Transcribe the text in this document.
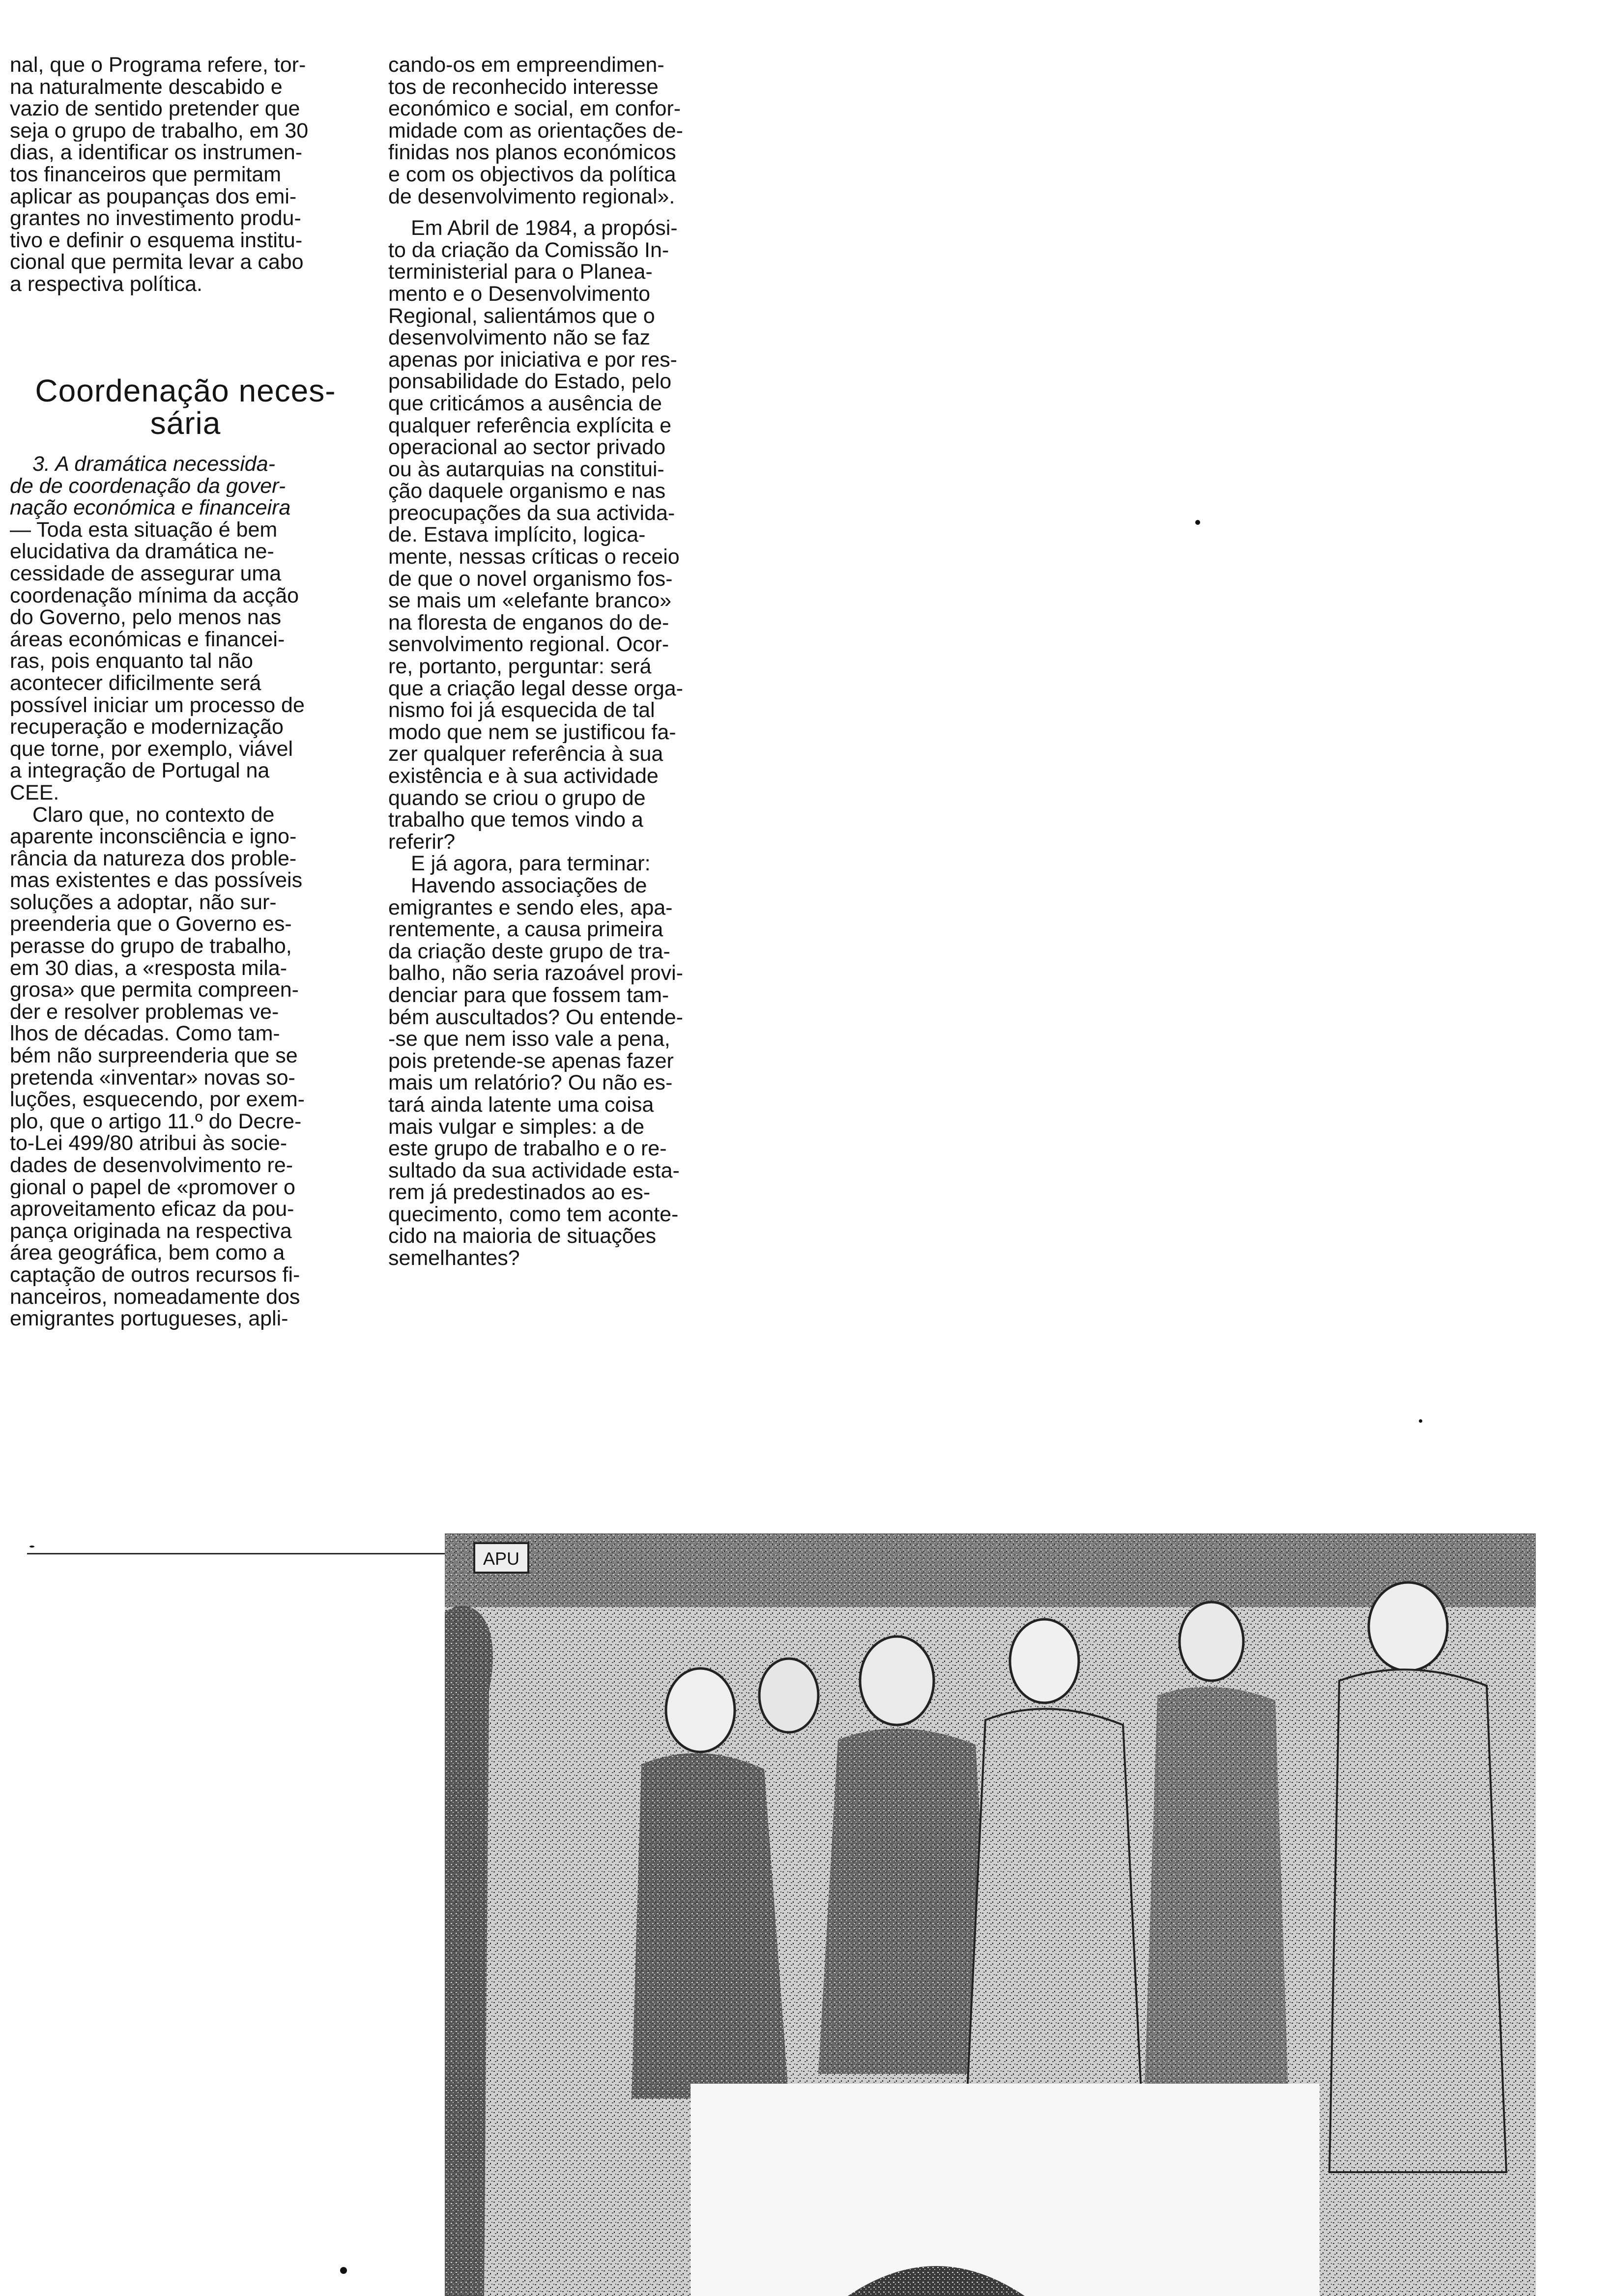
nal, que o Programa refere, tor-
na naturalmente descabido e
vazio de sentido pretender que
seja o grupo de trabalho, em 30
dias, a identificar os instrumen-
tos financeiros que permitam
aplicar as poupanças dos emi-
grantes no investimento produ-
tivo e definir o esquema institu-
cional que permita levar a cabo
a respectiva política.

Coordenação neces-
sária

3. A dramática necessida-
de de coordenação da gover-
nação económica e financeira

— Toda esta situação é bem
elucidativa da dramática ne-
cessidade de assegurar uma
coordenação mínima da acção
do Governo, pelo menos nas
áreas económicas e financei-
ras, pois enquanto tal não
acontecer dificilmente será
possível iniciar um processo de
recuperação e modernização
que torne, por exemplo, viável
a integração de Portugal na
CEE.

Claro que, no contexto de
aparente inconsciência e igno-
rância da natureza dos proble-
mas existentes e das possíveis
soluções a adoptar, não sur-
preenderia que o Governo es-
perasse do grupo de trabalho,
em 30 dias, a «resposta mila-
grosa» que permita compreen-
der e resolver problemas ve-
lhos de décadas. Como tam-
bém não surpreenderia que se
pretenda «inventar» novas so-
luções, esquecendo, por exem-
plo, que o artigo 11.º do Decre-
to-Lei 499/80 atribui às socie-
dades de desenvolvimento re-
gional o papel de «promover o
aproveitamento eficaz da pou-
pança originada na respectiva
área geográfica, bem como a
captação de outros recursos fi-
nanceiros, nomeadamente dos
emigrantes portugueses, apli-

cando-os em empreendimen-
tos de reconhecido interesse
económico e social, em confor-
midade com as orientações de-
finidas nos planos económicos
e com os objectivos da política
de desenvolvimento regional».

Em Abril de 1984, a propósi-
to da criação da Comissão In-
terministerial para o Planea-
mento e o Desenvolvimento
Regional, salientámos que o
desenvolvimento não se faz
apenas por iniciativa e por res-
ponsabilidade do Estado, pelo
que criticámos a ausência de
qualquer referência explícita e
operacional ao sector privado
ou às autarquias na constitui-
ção daquele organismo e nas
preocupações da sua activida-
de. Estava implícito, logica-
mente, nessas críticas o receio
de que o novel organismo fos-
se mais um «elefante branco»
na floresta de enganos do de-
senvolvimento regional. Ocor-
re, portanto, perguntar: será
que a criação legal desse orga-
nismo foi já esquecida de tal
modo que nem se justificou fa-
zer qualquer referência à sua
existência e à sua actividade
quando se criou o grupo de
trabalho que temos vindo a
referir?

E já agora, para terminar:

Havendo associações de
emigrantes e sendo eles, apa-
rentemente, a causa primeira
da criação deste grupo de tra-
balho, não seria razoável provi-
denciar para que fossem tam-
bém auscultados? Ou entende-
-se que nem isso vale a pena,
pois pretende-se apenas fazer
mais um relatório? Ou não es-
tará ainda latente uma coisa
mais vulgar e simples: a de
este grupo de trabalho e o re-
sultado da sua actividade esta-
rem já predestinados ao es-
quecimento, como tem aconte-
cido na maioria de situações
semelhantes?

APU
